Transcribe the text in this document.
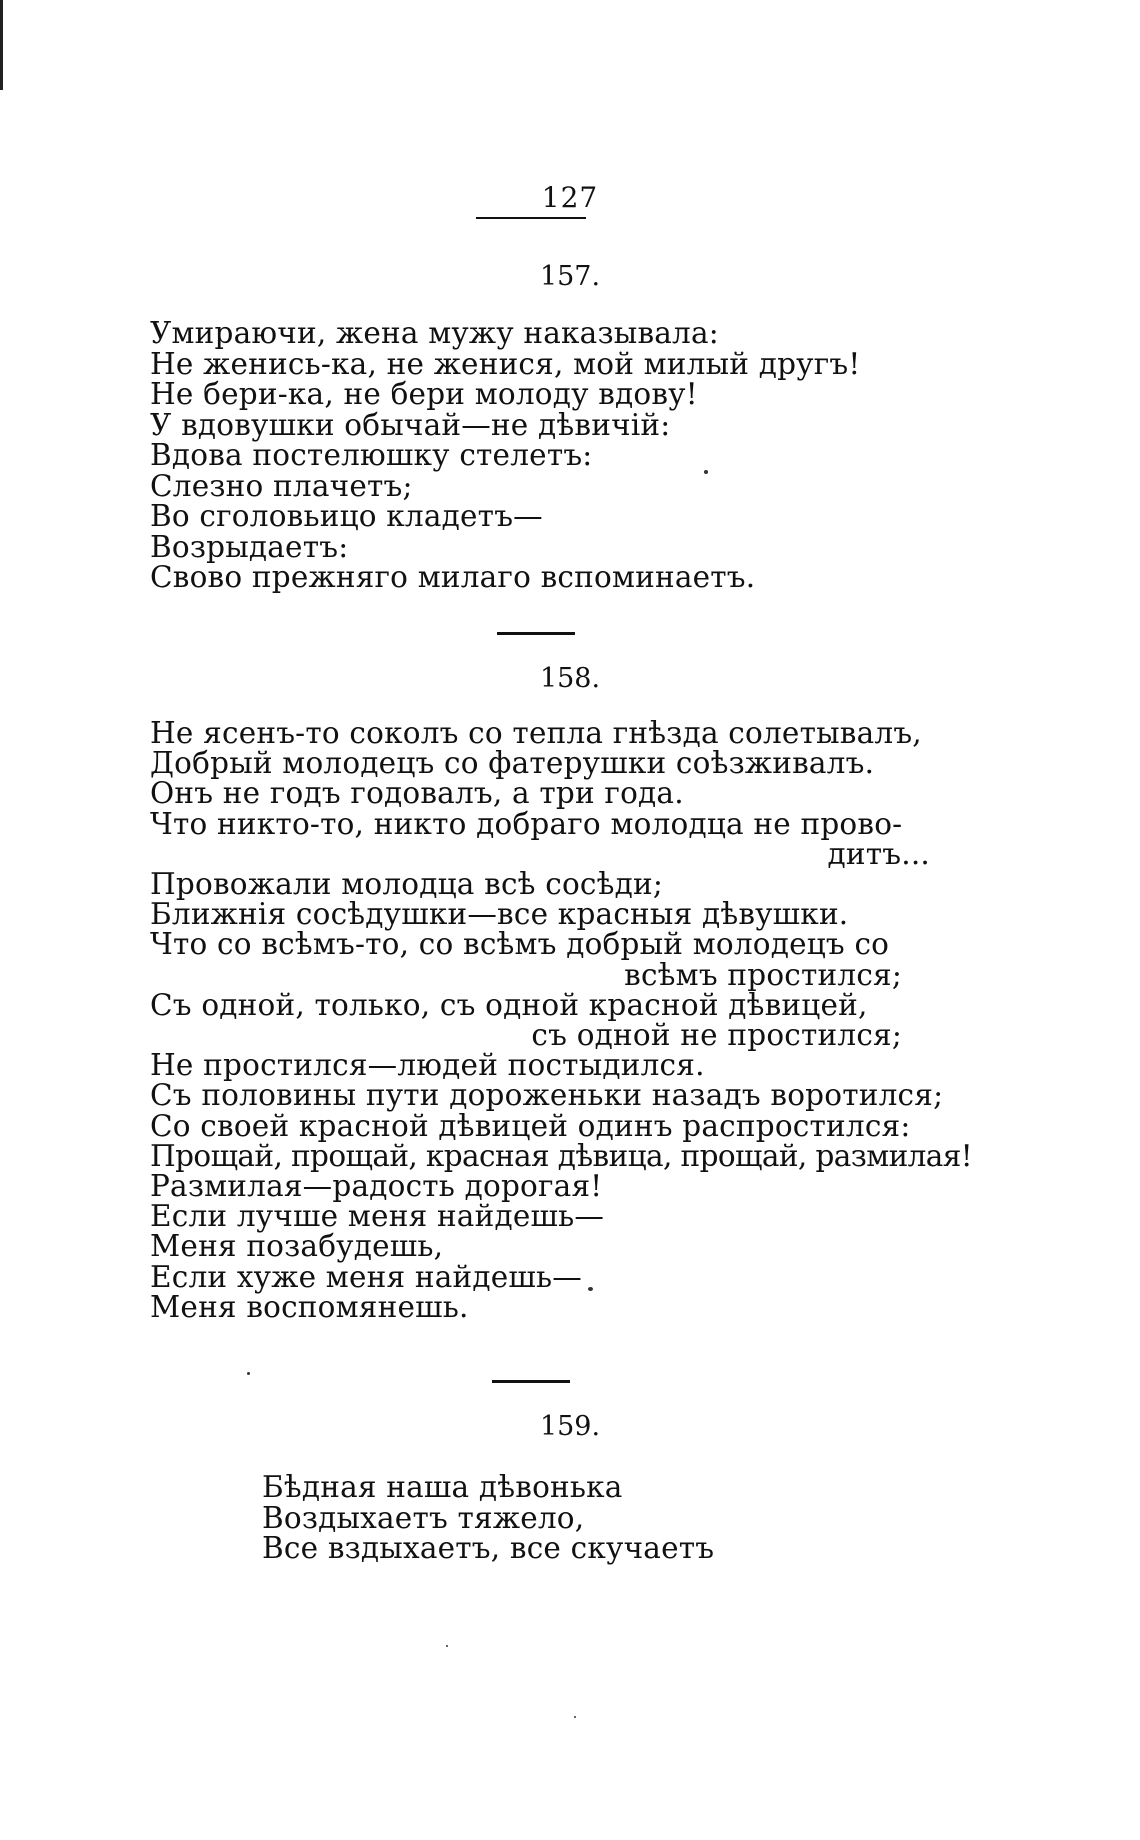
127
157.
Умираючи, жена мужу наказывала:
Не женись-ка, не женися, мой милый другъ!
Не бери-ка, не бери молоду вдову!
У вдовушки обычай—не дѣвичій:
Вдова постелюшку стелетъ:
Слезно плачетъ;
Во сголовьицо кладетъ—
Возрыдаетъ:
Свово прежняго милаго вспоминаетъ.
158.
Не ясенъ-то соколъ со тепла гнѣзда солетывалъ,
Добрый молодецъ со фатерушки соѣзживалъ.
Онъ не годъ годовалъ, а три года.
Что никто-то, никто добраго молодца не прово-
дитъ...
Провожали молодца всѣ сосѣди;
Ближнія сосѣдушки—все красныя дѣвушки.
Что со всѣмъ-то, со всѣмъ добрый молодецъ со
всѣмъ простился;
Съ одной, только, съ одной красной дѣвицей,
съ одной не простился;
Не простился—людей постыдился.
Съ половины пути дороженьки назадъ воротился;
Со своей красной дѣвицей одинъ распростился:
Прощай, прощай, красная дѣвица, прощай, размилая!
Размилая—радость дорогая!
Если лучше меня найдешь—
Меня позабудешь,
Если хуже меня найдешь—
Меня воспомянешь.
159.
Бѣдная наша дѣвонька
Воздыхаетъ тяжело,
Все вздыхаетъ, все скучаетъ
